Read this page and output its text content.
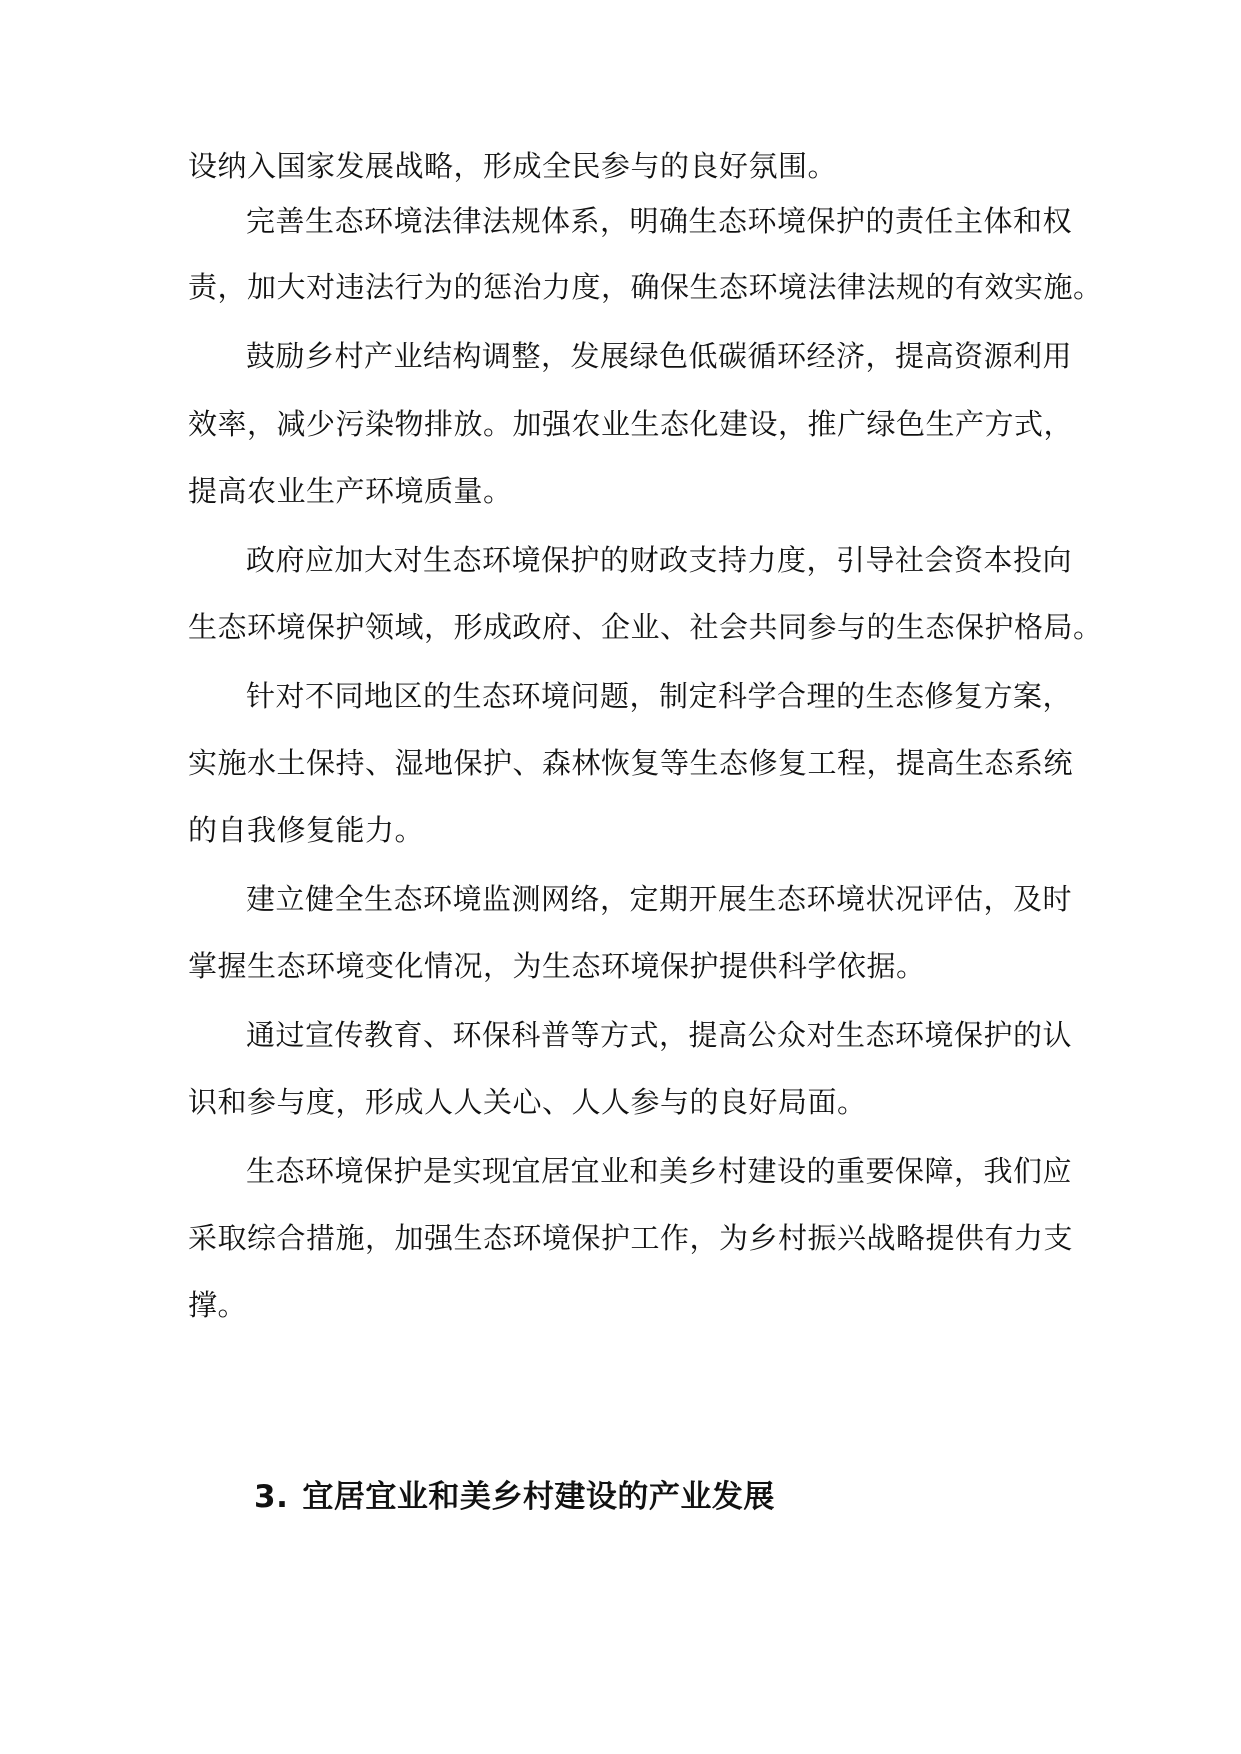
设纳入国家发展战略，形成全民参与的良好氛围。
完善生态环境法律法规体系，明确生态环境保护的责任主体和权
责，加大对违法行为的惩治力度，确保生态环境法律法规的有效实施。
鼓励乡村产业结构调整，发展绿色低碳循环经济，提高资源利用
效率，减少污染物排放。加强农业生态化建设，推广绿色生产方式，
提高农业生产环境质量。
政府应加大对生态环境保护的财政支持力度，引导社会资本投向
生态环境保护领域，形成政府、企业、社会共同参与的生态保护格局。
针对不同地区的生态环境问题，制定科学合理的生态修复方案，
实施水土保持、湿地保护、森林恢复等生态修复工程，提高生态系统
的自我修复能力。
建立健全生态环境监测网络，定期开展生态环境状况评估，及时
掌握生态环境变化情况，为生态环境保护提供科学依据。
通过宣传教育、环保科普等方式，提高公众对生态环境保护的认
识和参与度，形成人人关心、人人参与的良好局面。
生态环境保护是实现宜居宜业和美乡村建设的重要保障，我们应
采取综合措施，加强生态环境保护工作，为乡村振兴战略提供有力支
撑。
3. 宜居宜业和美乡村建设的产业发展
